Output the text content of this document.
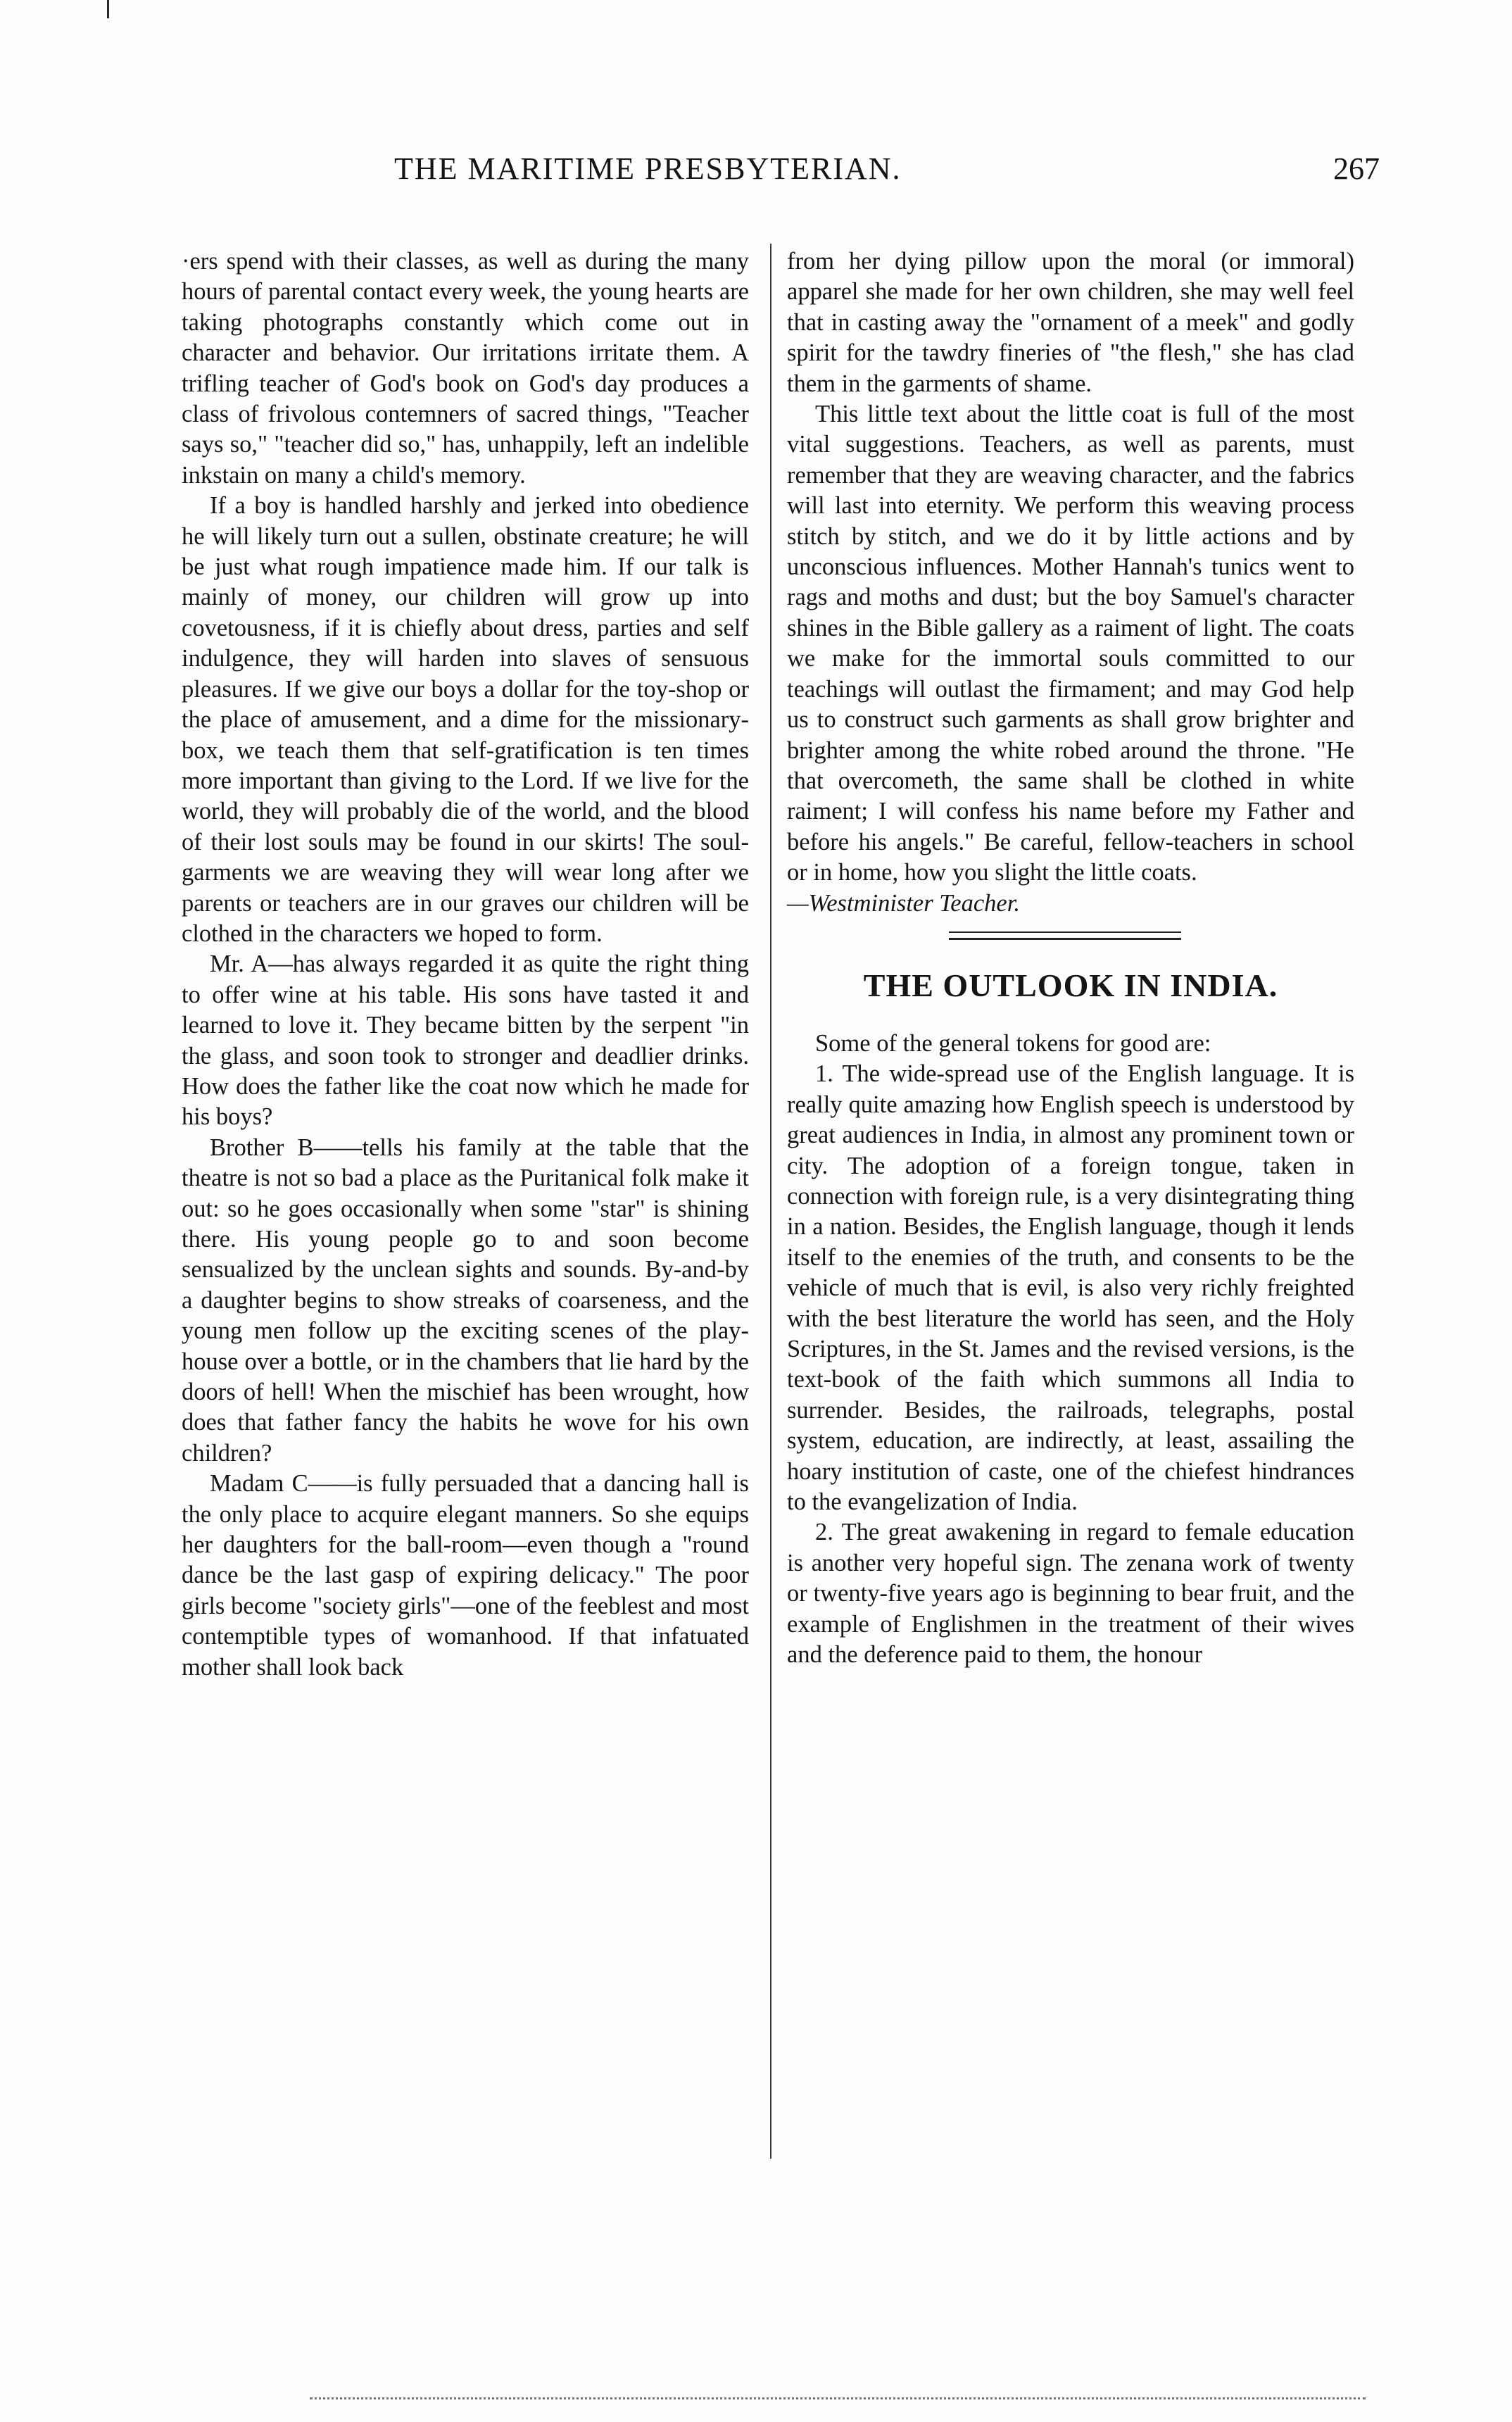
THE MARITIME PRESBYTERIAN.	267

·ers spend with their classes, as well as during the many hours of parental contact every week, the young hearts are taking photographs constantly which come out in character and behavior. Our irritations irritate them. A trifling teacher of God's book on God's day produces a class of frivolous contemners of sacred things, "Teacher says so," "teacher did so," has, unhappily, left an indelible inkstain on many a child's memory.

If a boy is handled harshly and jerked into obedience he will likely turn out a sullen, obstinate creature; he will be just what rough impatience made him. If our talk is mainly of money, our children will grow up into covetousness, if it is chiefly about dress, parties and self indulgence, they will harden into slaves of sensuous pleasures. If we give our boys a dollar for the toy-shop or the place of amusement, and a dime for the missionary-box, we teach them that self-gratification is ten times more important than giving to the Lord. If we live for the world, they will probably die of the world, and the blood of their lost souls may be found in our skirts! The soul-garments we are weaving they will wear long after we parents or teachers are in our graves our children will be clothed in the characters we hoped to form.

Mr. A—has always regarded it as quite the right thing to offer wine at his table. His sons have tasted it and learned to love it. They became bitten by the serpent "in the glass, and soon took to stronger and deadlier drinks. How does the father like the coat now which he made for his boys?

Brother B——tells his family at the table that the theatre is not so bad a place as the Puritanical folk make it out: so he goes occasionally when some "star" is shining there. His young people go to and soon become sensualized by the unclean sights and sounds. By-and-by a daughter begins to show streaks of coarseness, and the young men follow up the exciting scenes of the play-house over a bottle, or in the chambers that lie hard by the doors of hell! When the mischief has been wrought, how does that father fancy the habits he wove for his own children?

Madam C——is fully persuaded that a dancing hall is the only place to acquire elegant manners. So she equips her daughters for the ball-room—even though a "round dance be the last gasp of expiring delicacy." The poor girls become "society girls"—one of the feeblest and most contemptible types of womanhood. If that infatuated mother shall look back

from her dying pillow upon the moral (or immoral) apparel she made for her own children, she may well feel that in casting away the "ornament of a meek" and godly spirit for the tawdry fineries of "the flesh," she has clad them in the garments of shame.

This little text about the little coat is full of the most vital suggestions. Teachers, as well as parents, must remember that they are weaving character, and the fabrics will last into eternity. We perform this weaving process stitch by stitch, and we do it by little actions and by unconscious influences. Mother Hannah's tunics went to rags and moths and dust; but the boy Samuel's character shines in the Bible gallery as a raiment of light. The coats we make for the immortal souls committed to our teachings will outlast the firmament; and may God help us to construct such garments as shall grow brighter and brighter among the white robed around the throne. "He that overcometh, the same shall be clothed in white raiment; I will confess his name before my Father and before his angels." Be careful, fellow-teachers in school or in home, how you slight the little coats.

—Westminister Teacher.

THE OUTLOOK IN INDIA.

Some of the general tokens for good are:

1. The wide-spread use of the English language. It is really quite amazing how English speech is understood by great audiences in India, in almost any prominent town or city. The adoption of a foreign tongue, taken in connection with foreign rule, is a very disintegrating thing in a nation. Besides, the English language, though it lends itself to the enemies of the truth, and consents to be the vehicle of much that is evil, is also very richly freighted with the best literature the world has seen, and the Holy Scriptures, in the St. James and the revised versions, is the text-book of the faith which summons all India to surrender. Besides, the railroads, telegraphs, postal system, education, are indirectly, at least, assailing the hoary institution of caste, one of the chiefest hindrances to the evangelization of India.

2. The great awakening in regard to female education is another very hopeful sign. The zenana work of twenty or twenty-five years ago is beginning to bear fruit, and the example of Englishmen in the treatment of their wives and the deference paid to them, the honour
